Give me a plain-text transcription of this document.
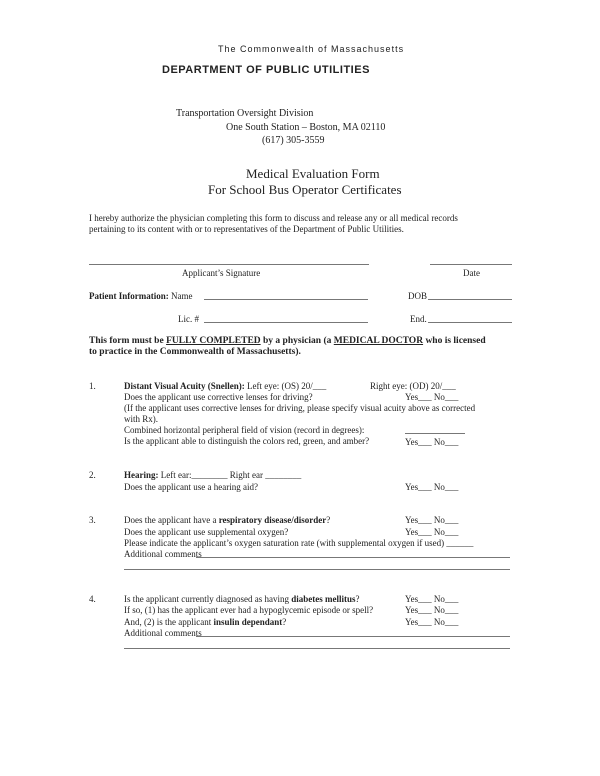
The Commonwealth of Massachusetts
DEPARTMENT OF PUBLIC UTILITIES
Transportation Oversight Division
One South Station – Boston, MA 02110
(617) 305-3559
Medical Evaluation Form
For School Bus Operator Certificates
I hereby authorize the physician completing this form to discuss and release any or all medical records
pertaining to its content with or to representatives of the Department of Public Utilities.
Applicant’s Signature	Date
Patient Information: Name	DOB
Lic. #	End.
This form must be FULLY COMPLETED by a physician (a MEDICAL DOCTOR who is licensed
to practice in the Commonwealth of Massachusetts).
1.	Distant Visual Acuity (Snellen): Left eye: (OS) 20/___	Right eye: (OD) 20/___
Does the applicant use corrective lenses for driving?	Yes___ No___
(If the applicant uses corrective lenses for driving, please specify visual acuity above as corrected
with Rx).
Combined horizontal peripheral field of vision (record in degrees):
Is the applicant able to distinguish the colors red, green, and amber?	Yes___ No___
2.	Hearing: Left ear:________ Right ear ________
Does the applicant use a hearing aid?	Yes___ No___
3.	Does the applicant have a respiratory disease/disorder?	Yes___ No___
Does the applicant use supplemental oxygen?	Yes___ No___
Please indicate the applicant’s oxygen saturation rate (with supplemental oxygen if used) ______
Additional comments
4.	Is the applicant currently diagnosed as having diabetes mellitus?	Yes___ No___
If so, (1) has the applicant ever had a hypoglycemic episode or spell?	Yes___ No___
And, (2) is the applicant insulin dependant?	Yes___ No___
Additional comments
